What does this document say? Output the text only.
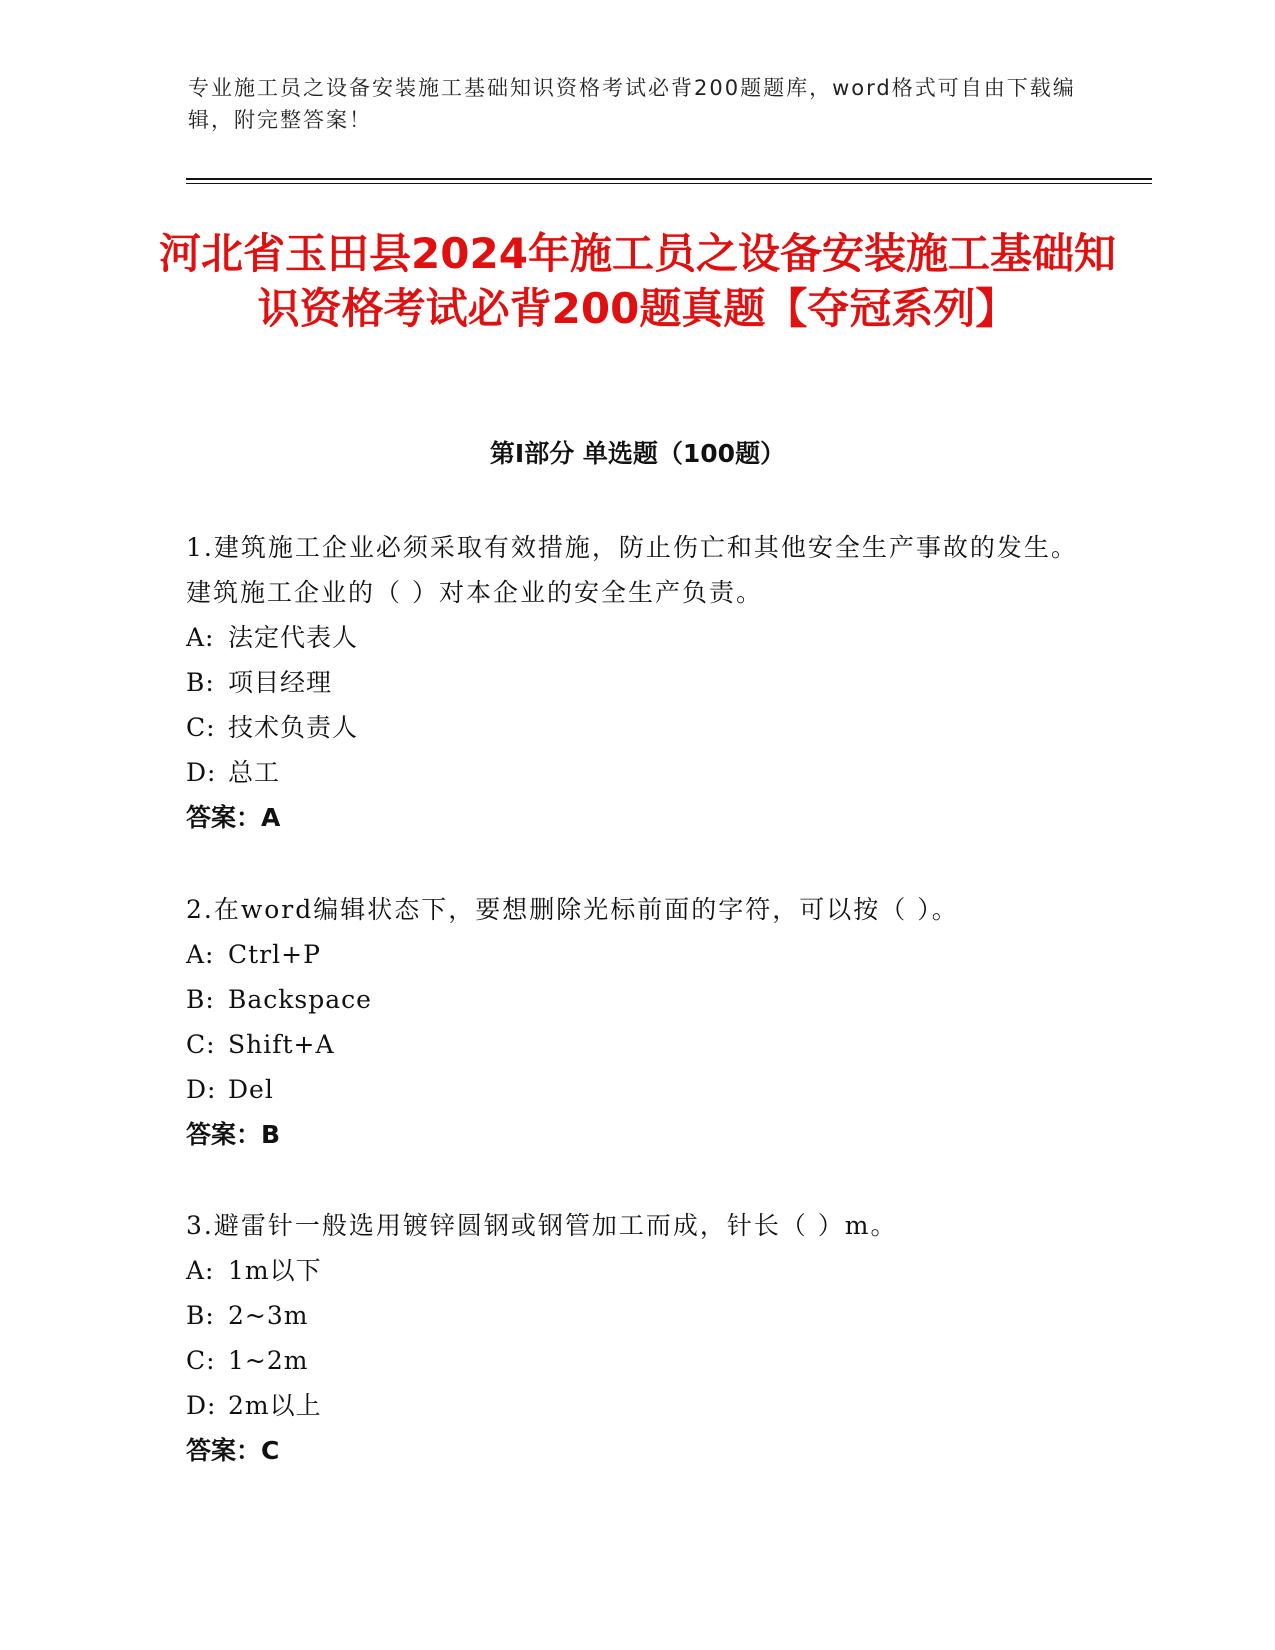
专业施工员之设备安装施工基础知识资格考试必背200题题库，word格式可自由下载编辑，附完整答案！
河北省玉田县2024年施工员之设备安装施工基础知识资格考试必背200题真题【夺冠系列】
第Ⅰ部分 单选题（100题）
1.建筑施工企业必须采取有效措施，防止伤亡和其他安全生产事故的发生。建筑施工企业的（ ）对本企业的安全生产负责。
A: 法定代表人
B: 项目经理
C: 技术负责人
D: 总工
答案：A
2.在word编辑状态下，要想删除光标前面的字符，可以按（ ）。
A: Ctrl+P
B: Backspace
C: Shift+A
D: Del
答案：B
3.避雷针一般选用镀锌圆钢或钢管加工而成，针长（ ）m。
A: 1m以下
B: 2~3m
C: 1~2m
D: 2m以上
答案：C
